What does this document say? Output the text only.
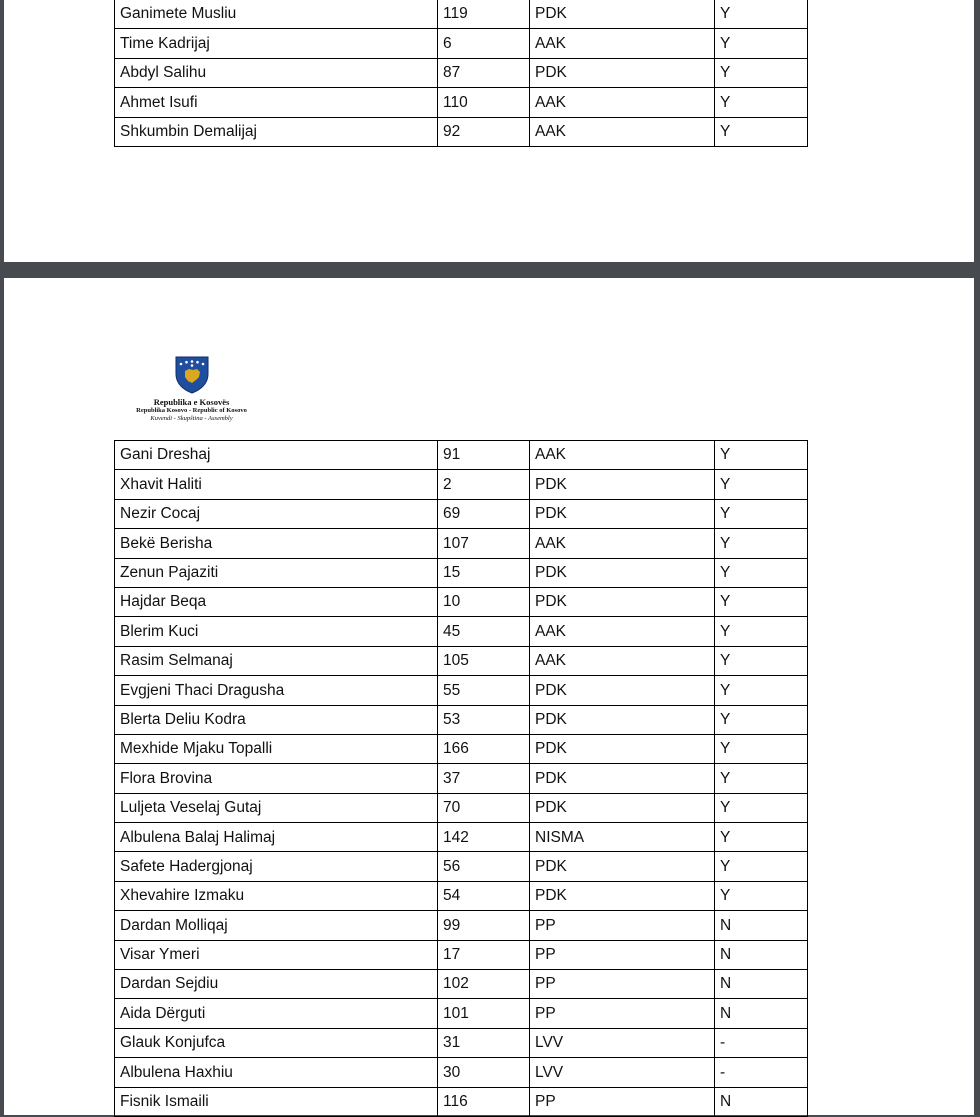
Ganimete Musliu	119	PDK	Y
Time Kadrijaj	6	AAK	Y
Abdyl Salihu	87	PDK	Y
Ahmet Isufi	110	AAK	Y
Shkumbin Demalijaj	92	AAK	Y
Republika e Kosovës
Republika Kosovo - Republic of Kosovo
Kuvendi - Skupština - Assembly
Gani Dreshaj	91	AAK	Y
Xhavit Haliti	2	PDK	Y
Nezir Cocaj	69	PDK	Y
Bekë Berisha	107	AAK	Y
Zenun Pajaziti	15	PDK	Y
Hajdar Beqa	10	PDK	Y
Blerim Kuci	45	AAK	Y
Rasim Selmanaj	105	AAK	Y
Evgjeni Thaci Dragusha	55	PDK	Y
Blerta Deliu Kodra	53	PDK	Y
Mexhide Mjaku Topalli	166	PDK	Y
Flora Brovina	37	PDK	Y
Luljeta Veselaj Gutaj	70	PDK	Y
Albulena Balaj Halimaj	142	NISMA	Y
Safete Hadergjonaj	56	PDK	Y
Xhevahire Izmaku	54	PDK	Y
Dardan Molliqaj	99	PP	N
Visar Ymeri	17	PP	N
Dardan Sejdiu	102	PP	N
Aida Dërguti	101	PP	N
Glauk Konjufca	31	LVV	-
Albulena Haxhiu	30	LVV	-
Fisnik Ismaili	116	PP	N
